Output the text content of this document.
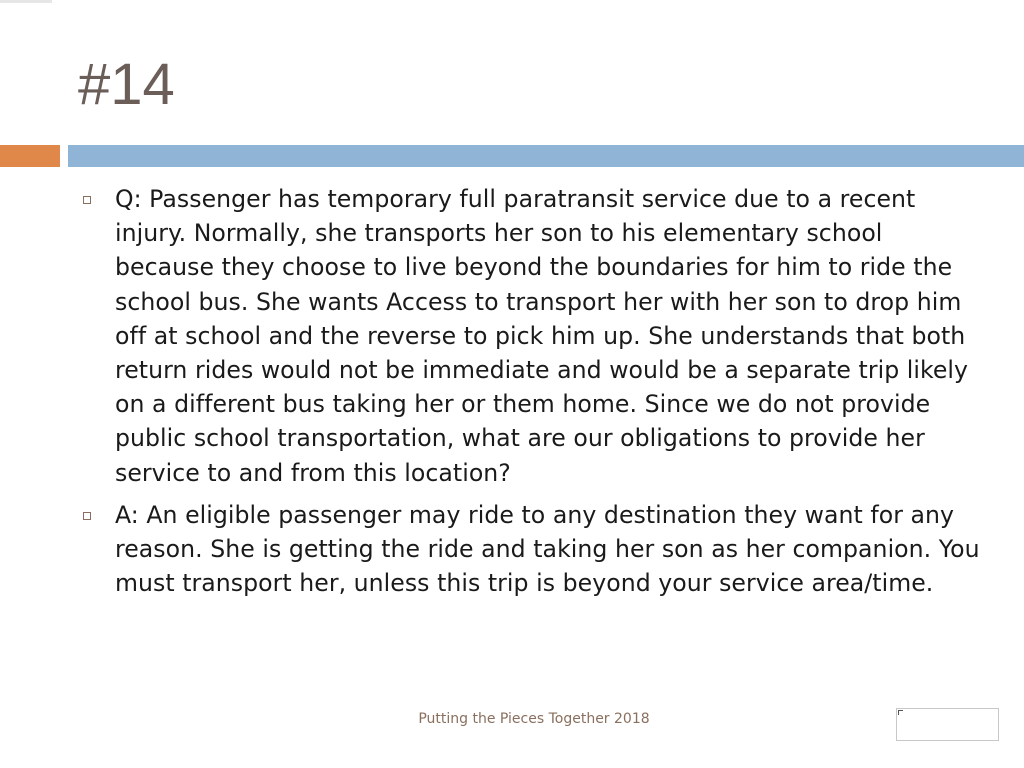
#14
Q: Passenger has temporary full paratransit service due to a recent injury. Normally, she transports her son to his elementary school because they choose to live beyond the boundaries for him to ride the school bus. She wants Access to transport her with her son to drop him off at school and the reverse to pick him up. She understands that both return rides would not be immediate and would be a separate trip likely on a different bus taking her or them home. Since we do not provide public school transportation, what are our obligations to provide her service to and from this location?
A: An eligible passenger may ride to any destination they want for any reason. She is getting the ride and taking her son as her companion. You must transport her, unless this trip is beyond your service area/time.
Putting the Pieces Together 2018
